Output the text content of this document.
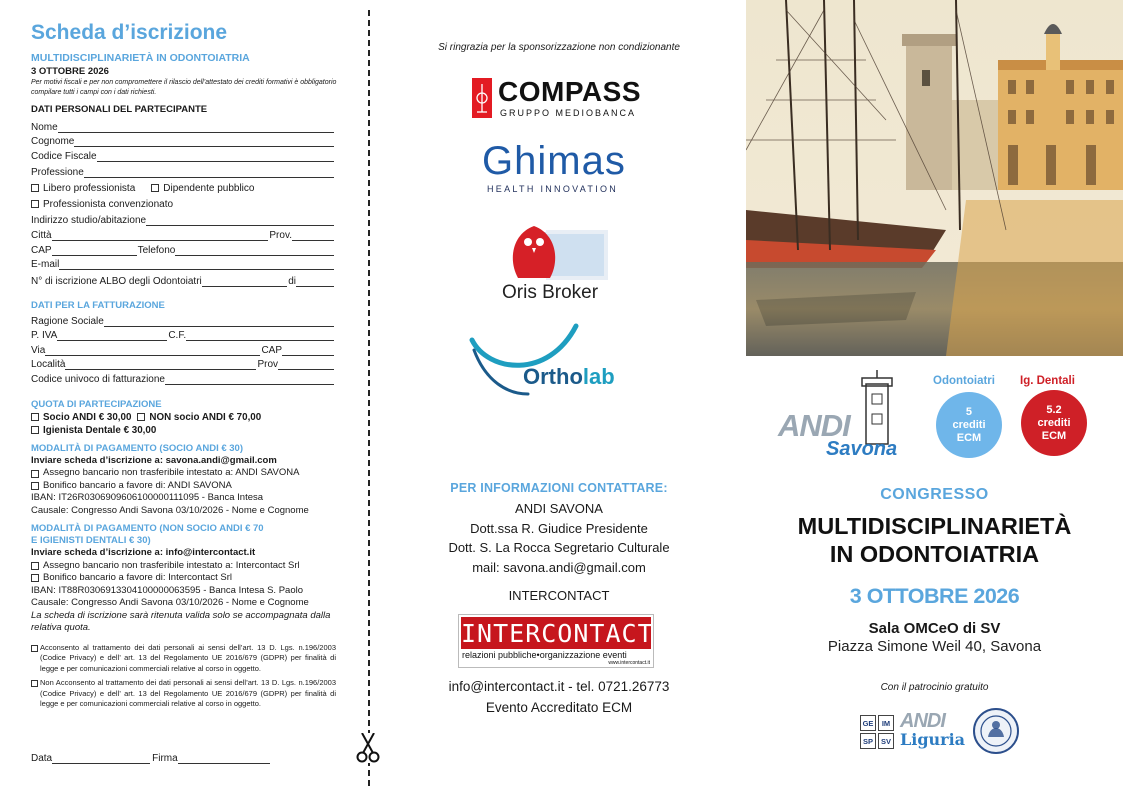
Scheda d’iscrizione
MULTIDISCIPLINARIETÀ IN ODONTOIATRIA
3 OTTOBRE 2026
Per motivi fiscali e per non compromettere il rilascio dell’attestato dei crediti formativi è obbligatorio compilare tutti i campi con i dati richiesti.
DATI PERSONALI DEL PARTECIPANTE
Nome
Cognome
Codice Fiscale
Professione
Libero professionista	Dipendente pubblico
Professionista convenzionato
Indirizzo studio/abitazione
Città	Prov.
CAP	Telefono
E-mail
N° di iscrizione ALBO degli Odontoiatri	di
DATI PER LA FATTURAZIONE
Ragione Sociale
P. IVA	C.F.
Via	CAP
Località	Prov
Codice univoco di fatturazione
QUOTA DI PARTECIPAZIONE
Socio ANDI € 30,00 NON socio ANDI € 70,00
Igienista Dentale € 30,00
MODALITÀ DI PAGAMENTO (SOCIO ANDI € 30)
Inviare scheda d’iscrizione a: savona.andi@gmail.com
Assegno bancario non trasferibile intestato a: ANDI SAVONA
Bonifico bancario a favore di: ANDI SAVONA
IBAN: IT26R0306909606100000111095 - Banca Intesa
Causale: Congresso Andi Savona 03/10/2026 - Nome e Cognome
MODALITÀ DI PAGAMENTO (NON SOCIO ANDI € 70
E IGIENISTI DENTALI € 30)
Inviare scheda d’iscrizione a: info@intercontact.it
Assegno bancario non trasferibile intestato a: Intercontact Srl
Bonifico bancario a favore di: Intercontact Srl
IBAN: IT88R0306913304100000063595 - Banca Intesa S. Paolo
Causale: Congresso Andi Savona 03/10/2026 - Nome e Cognome
La scheda di iscrizione sarà ritenuta valida solo se accompagnata dalla relativa quota.
Acconsento al trattamento dei dati personali ai sensi dell’art. 13 D. Lgs. n.196/2003 (Codice Privacy) e dell’ art. 13 del Regolamento UE 2016/679 (GDPR) per finalità di legge e per comunicazioni commerciali relative al corso in oggetto.
Non Acconsento al trattamento dei dati personali ai sensi dell’art. 13 D. Lgs. n.196/2003 (Codice Privacy) e dell’ art. 13 del Regolamento UE 2016/679 (GDPR) per finalità di legge e per comunicazioni commerciali relative al corso in oggetto.
Data	Firma
Si ringrazia per la sponsorizzazione non condizionante
COMPASS
GRUPPO MEDIOBANCA
Ghimas
HEALTH INNOVATION
Oris Broker
Ortholab
PER INFORMAZIONI CONTATTARE:
ANDI SAVONA
Dott.ssa R. Giudice Presidente
Dott. S. La Rocca Segretario Culturale
mail: savona.andi@gmail.com
INTERCONTACT
INTERCONTACT
relazioni pubbliche•organizzazione eventi
www.intercontact.it
info@intercontact.it - tel. 0721.26773
Evento Accreditato ECM
ANDI
Savona
Odontoiatri Ig. Dentali
5
crediti
ECM
5.2
crediti
ECM
CONGRESSO
MULTIDISCIPLINARIETÀ
IN ODONTOIATRIA
3 OTTOBRE 2026
Sala OMCeO di SV
Piazza Simone Weil 40, Savona
Con il patrocinio gratuito
GE	IM
SP	SV
ANDI
Liguria
